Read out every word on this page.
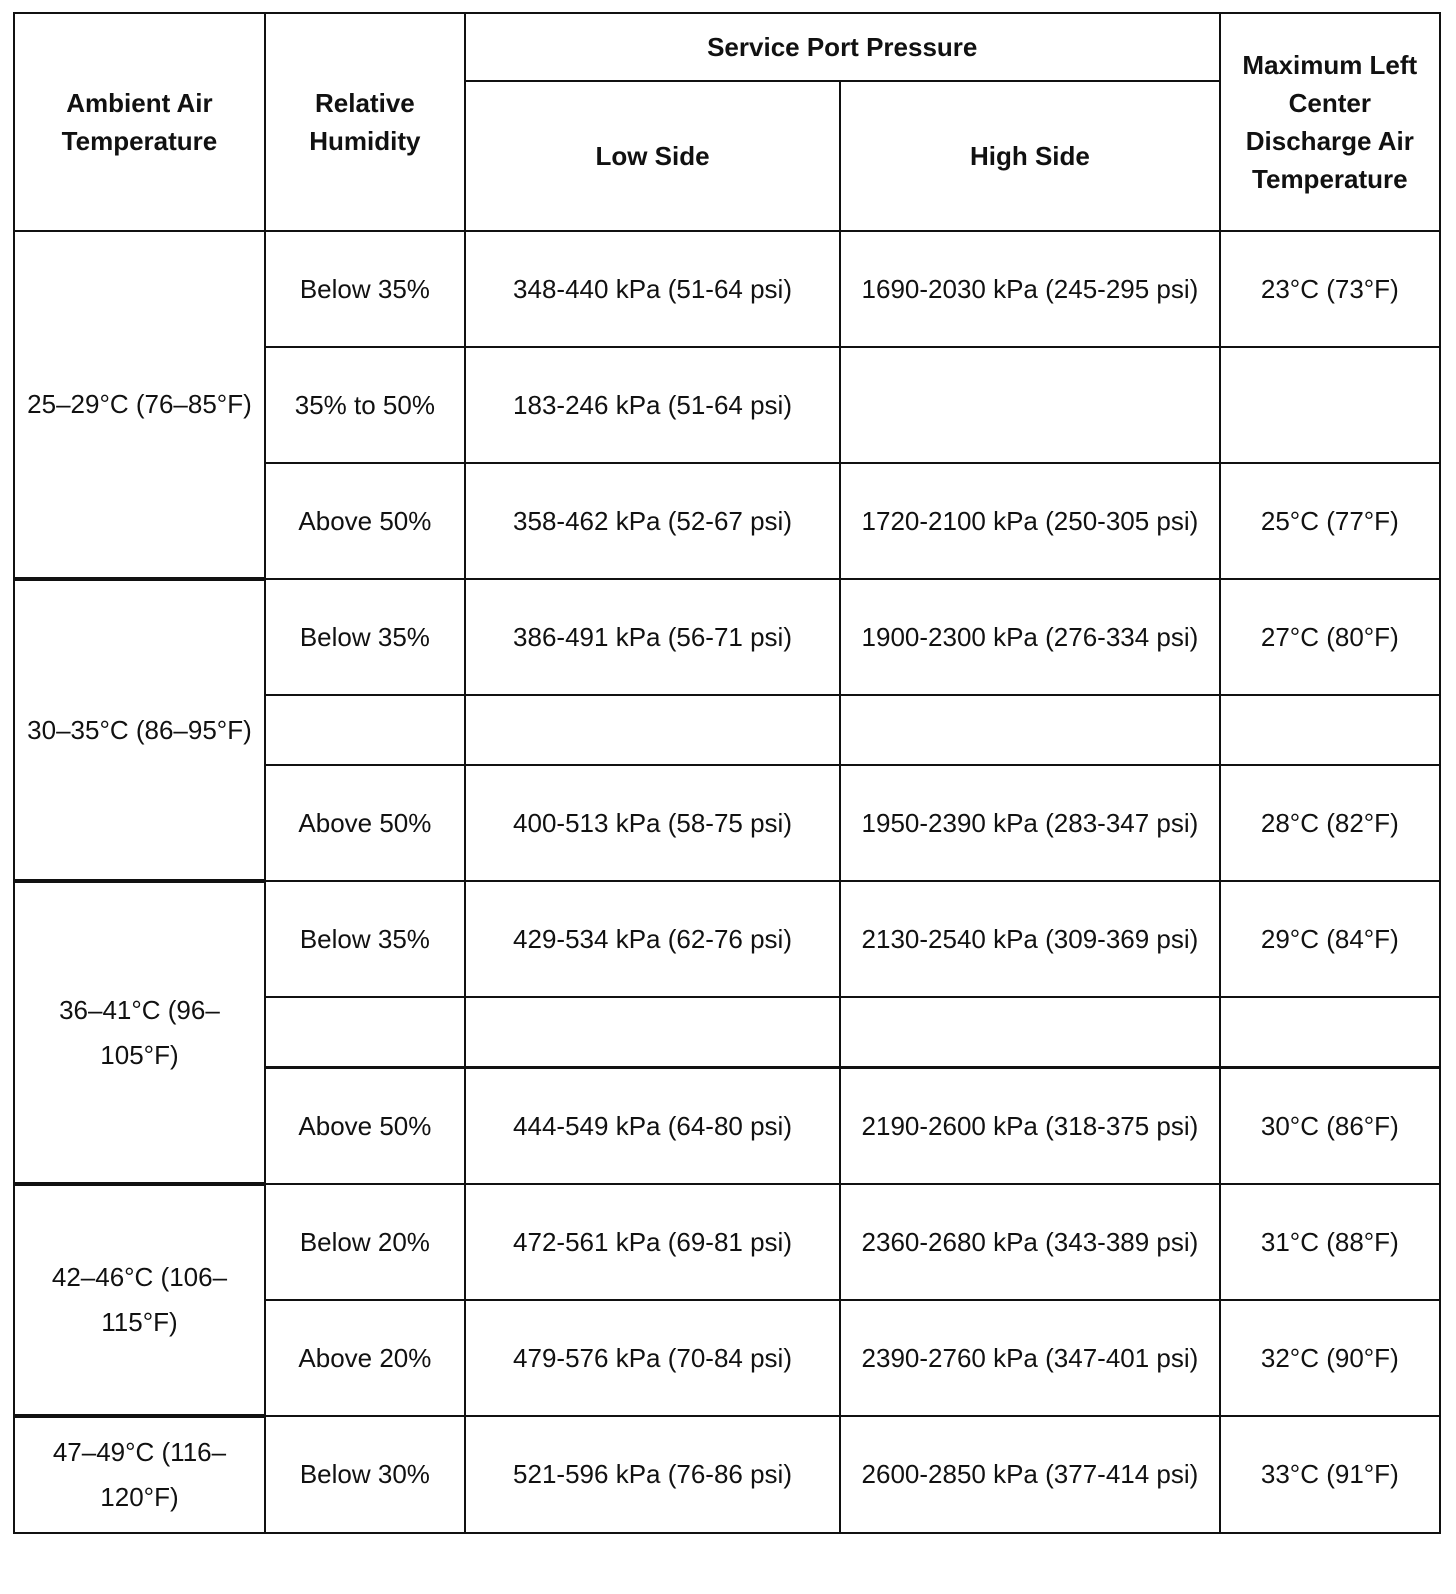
Ambient Air Temperature	Relative Humidity	Service Port Pressure		Maximum Left Center Discharge Air Temperature
		Low Side	High Side	
25–29°C (76–85°F)	Below 35%	348-440 kPa (51-64 psi)	1690-2030 kPa (245-295 psi)	23°C (73°F)
	35% to 50%	183-246 kPa (51-64 psi)		
	Above 50%	358-462 kPa (52-67 psi)	1720-2100 kPa (250-305 psi)	25°C (77°F)
30–35°C (86–95°F)	Below 35%	386-491 kPa (56-71 psi)	1900-2300 kPa (276-334 psi)	27°C (80°F)

	Above 50%	400-513 kPa (58-75 psi)	1950-2390 kPa (283-347 psi)	28°C (82°F)
36–41°C (96–105°F)	Below 35%	429-534 kPa (62-76 psi)	2130-2540 kPa (309-369 psi)	29°C (84°F)

	Above 50%	444-549 kPa (64-80 psi)	2190-2600 kPa (318-375 psi)	30°C (86°F)
42–46°C (106–115°F)	Below 20%	472-561 kPa (69-81 psi)	2360-2680 kPa (343-389 psi)	31°C (88°F)
	Above 20%	479-576 kPa (70-84 psi)	2390-2760 kPa (347-401 psi)	32°C (90°F)
47–49°C (116–120°F)	Below 30%	521-596 kPa (76-86 psi)	2600-2850 kPa (377-414 psi)	33°C (91°F)
